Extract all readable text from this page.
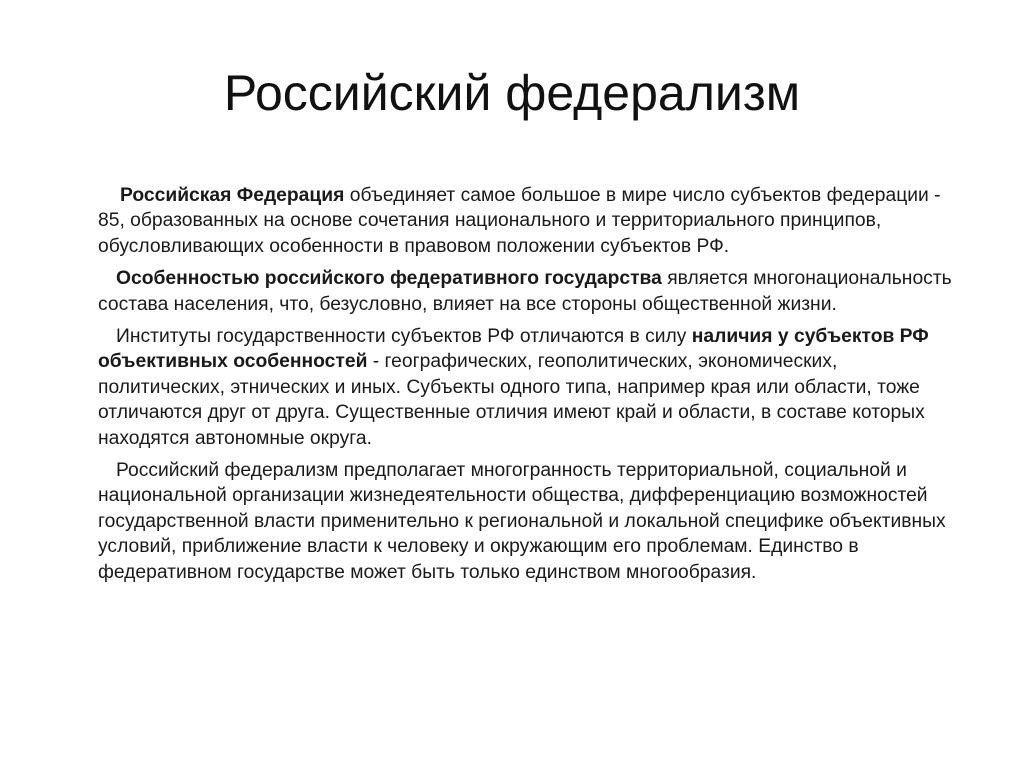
Российский федерализм

Российская Федерация объединяет самое большое в мире число субъектов федерации - 85, образованных на основе сочетания национального и территориального принципов, обусловливающих особенности в правовом положении субъектов РФ.

Особенностью российского федеративного государства является многонациональность состава населения, что, безусловно, влияет на все стороны общественной жизни.

Институты государственности субъектов РФ отличаются в силу наличия у субъектов РФ объективных особенностей - географических, геополитических, экономических, политических, этнических и иных. Субъекты одного типа, например края или области, тоже отличаются друг от друга. Существенные отличия имеют край и области, в составе которых находятся автономные округа.

Российский федерализм предполагает многогранность территориальной, социальной и национальной организации жизнедеятельности общества, дифференциацию возможностей государственной власти применительно к региональной и локальной специфике объективных условий, приближение власти к человеку и окружающим его проблемам. Единство в федеративном государстве может быть только единством многообразия.
